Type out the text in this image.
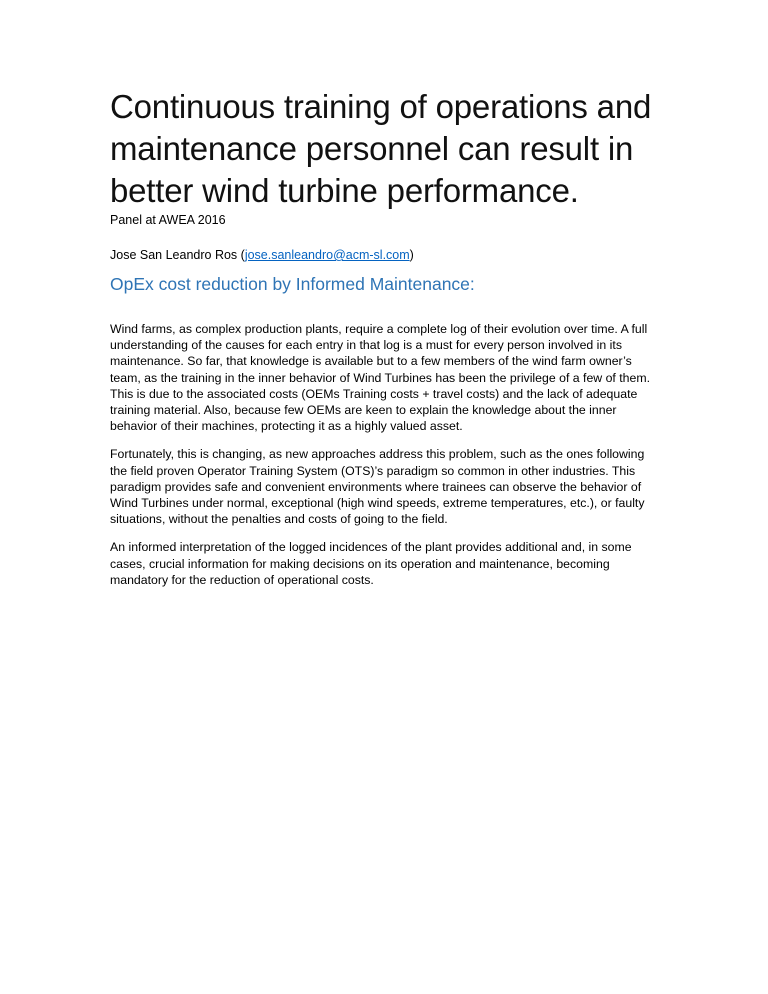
Continuous training of operations and maintenance personnel can result in better wind turbine performance.

Panel at AWEA 2016

Jose San Leandro Ros (jose.sanleandro@acm-sl.com)

OpEx cost reduction by Informed Maintenance:

Wind farms, as complex production plants, require a complete log of their evolution over time. A full understanding of the causes for each entry in that log is a must for every person involved in its maintenance. So far, that knowledge is available but to a few members of the wind farm owner’s team, as the training in the inner behavior of Wind Turbines has been the privilege of a few of them. This is due to the associated costs (OEMs Training costs + travel costs) and the lack of adequate training material. Also, because few OEMs are keen to explain the knowledge about the inner behavior of their machines, protecting it as a highly valued asset.

Fortunately, this is changing, as new approaches address this problem, such as the ones following the field proven Operator Training System (OTS)’s paradigm so common in other industries. This paradigm provides safe and convenient environments where trainees can observe the behavior of Wind Turbines under normal, exceptional (high wind speeds, extreme temperatures, etc.), or faulty situations, without the penalties and costs of going to the field.

An informed interpretation of the logged incidences of the plant provides additional and, in some cases, crucial information for making decisions on its operation and maintenance, becoming mandatory for the reduction of operational costs.
